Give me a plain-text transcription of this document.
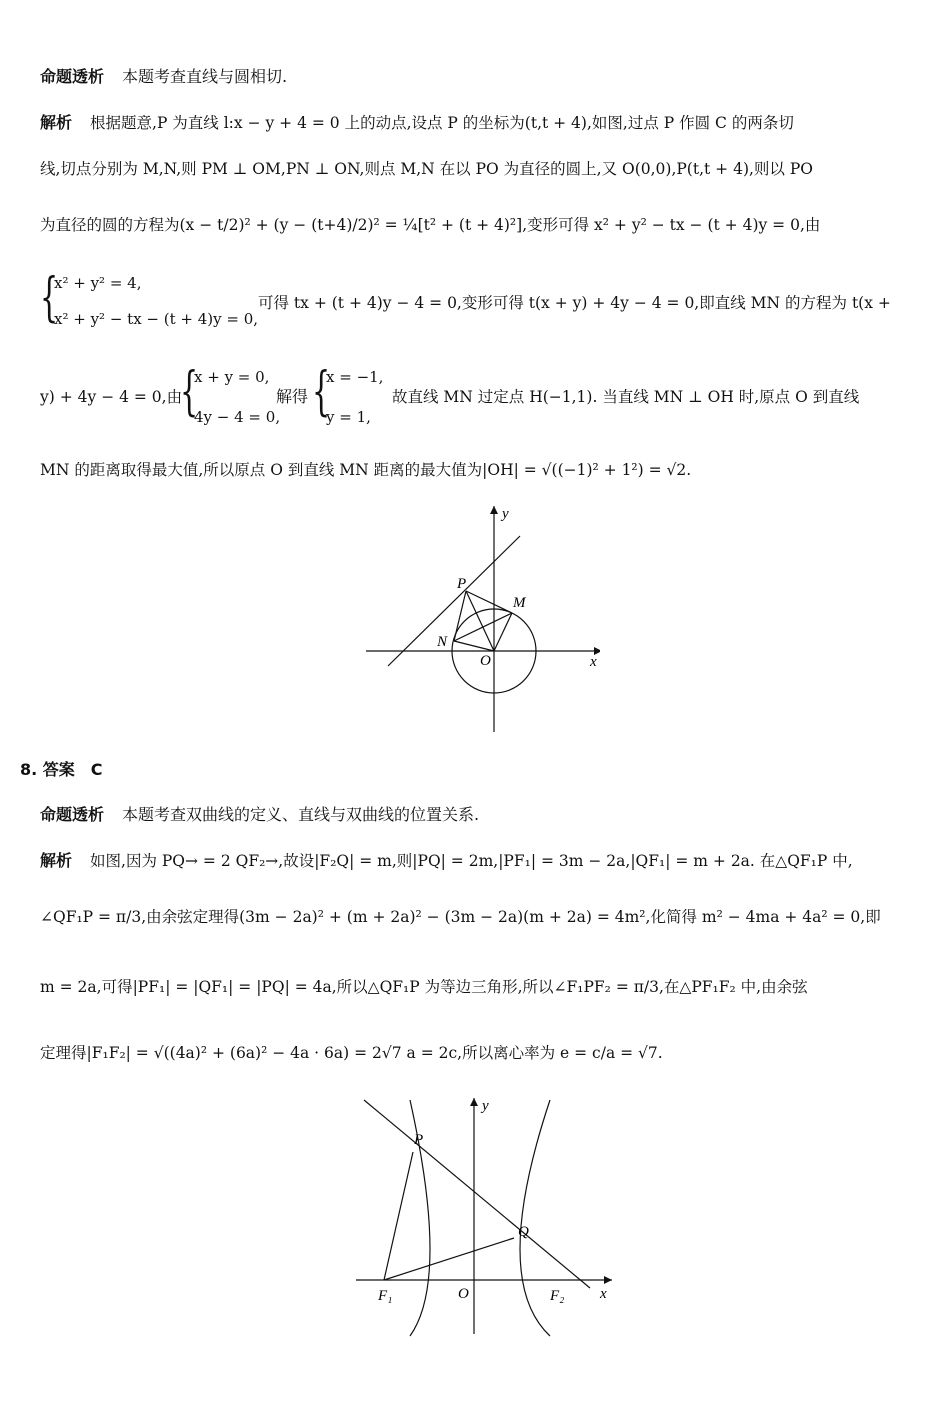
命题透析 本题考查直线与圆相切.
解析 根据题意,P 为直线 l:x − y + 4 = 0 上的动点,设点 P 的坐标为(t,t + 4),如图,过点 P 作圆 C 的两条切
线,切点分别为 M,N,则 PM ⊥ OM,PN ⊥ ON,则点 M,N 在以 PO 为直径的圆上,又 O(0,0),P(t,t + 4),则以 PO
为直径的圆的方程为(x − t/2)² + (y − (t+4)/2)² = ¼[t² + (t + 4)²],变形可得 x² + y² − tx − (t + 4)y = 0,由
{
x² + y² = 4,
x² + y² − tx − (t + 4)y = 0,
可得 tx + (t + 4)y − 4 = 0,变形可得 t(x + y) + 4y − 4 = 0,即直线 MN 的方程为 t(x +
y) + 4y − 4 = 0,由
{
x + y = 0,
4y − 4 = 0,
解得 {
x = −1,
y = 1,
故直线 MN 过定点 H(−1,1). 当直线 MN ⊥ OH 时,原点 O 到直线
MN 的距离取得最大值,所以原点 O 到直线 MN 距离的最大值为|OH| = √((−1)² + 1²) = √2.
P
M
N
O	x
y
8. 答案　C
命题透析 本题考查双曲线的定义、直线与双曲线的位置关系.
解析 如图,因为 PQ→ = 2 QF₂→,故设|F₂Q| = m,则|PQ| = 2m,|PF₁| = 3m − 2a,|QF₁| = m + 2a. 在△QF₁P 中,
∠QF₁P = π/3,由余弦定理得(3m − 2a)² + (m + 2a)² − (3m − 2a)(m + 2a) = 4m²,化简得 m² − 4ma + 4a² = 0,即
m = 2a,可得|PF₁| = |QF₁| = |PQ| = 4a,所以△QF₁P 为等边三角形,所以∠F₁PF₂ = π/3,在△PF₁F₂ 中,由余弦
定理得|F₁F₂| = √((4a)² + (6a)² − 4a · 6a) = 2√7 a = 2c,所以离心率为 e = c/a = √7.
P
Q
F₁	F₂
O	x
y
